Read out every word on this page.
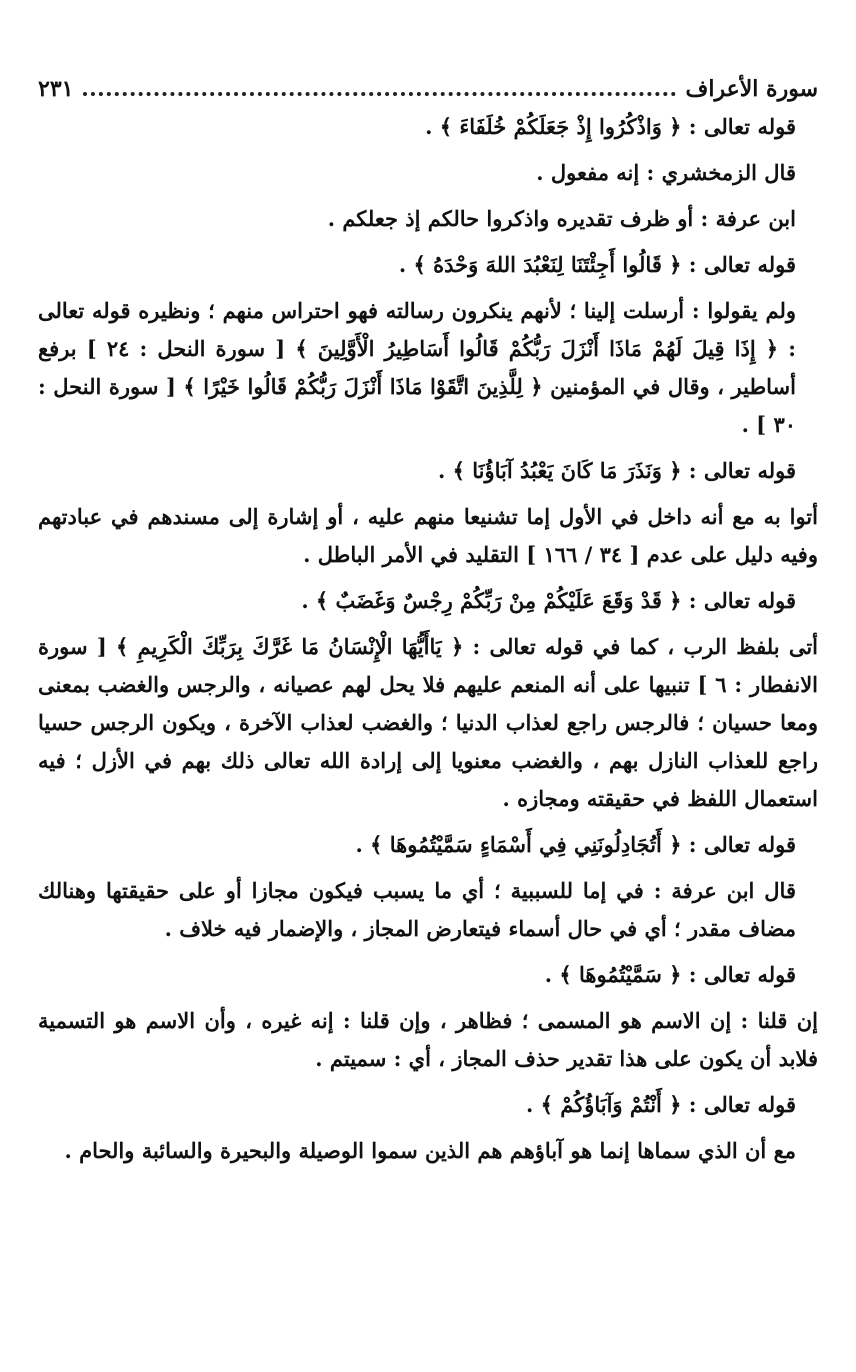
سورة الأعراف
٢٣١

قوله تعالى : ﴿ وَاذْكُرُوا إِذْ جَعَلَكُمْ خُلَفَاءَ ﴾ .

قال الزمخشري : إنه مفعول .

ابن عرفة : أو ظرف تقديره واذكروا حالكم إذ جعلكم .

قوله تعالى : ﴿ قَالُوا أَجِئْتَنَا لِنَعْبُدَ اللهَ وَحْدَهُ ﴾ .

ولم يقولوا : أرسلت إلينا ؛ لأنهم ينكرون رسالته فهو احتراس منهم ؛ ونظيره قوله تعالى : ﴿ إِذَا قِيلَ لَهُمْ مَاذَا أَنْزَلَ رَبُّكُمْ قَالُوا أَسَاطِيرُ الْأَوَّلِينَ ﴾ [ سورة النحل : ٢٤ ] برفع أساطير ، وقال في المؤمنين ﴿ لِلَّذِينَ اتَّقَوْا مَاذَا أَنْزَلَ رَبُّكُمْ قَالُوا خَيْرًا ﴾ [ سورة النحل : ٣٠ ] .

قوله تعالى : ﴿ وَنَذَرَ مَا كَانَ يَعْبُدُ آبَاؤُنَا ﴾ .

أتوا به مع أنه داخل في الأول إما تشنيعا منهم عليه ، أو إشارة إلى مسندهم في عبادتهم وفيه دليل على عدم [ ٣٤ / ١٦٦ ] التقليد في الأمر الباطل .

قوله تعالى : ﴿ قَدْ وَقَعَ عَلَيْكُمْ مِنْ رَبِّكُمْ رِجْسٌ وَغَضَبٌ ﴾ .

أتى بلفظ الرب ، كما في قوله تعالى : ﴿ يَاأَيُّهَا الْإِنْسَانُ مَا غَرَّكَ بِرَبِّكَ الْكَرِيمِ ﴾ [ سورة الانفطار : ٦ ] تنبيها على أنه المنعم عليهم فلا يحل لهم عصيانه ، والرجس والغضب بمعنى ومعا حسيان ؛ فالرجس راجع لعذاب الدنيا ؛ والغضب لعذاب الآخرة ، ويكون الرجس حسيا راجع للعذاب النازل بهم ، والغضب معنويا إلى إرادة الله تعالى ذلك بهم في الأزل ؛ فيه استعمال اللفظ في حقيقته ومجازه .

قوله تعالى : ﴿ أَتُجَادِلُونَنِي فِي أَسْمَاءٍ سَمَّيْتُمُوهَا ﴾ .

قال ابن عرفة : في إما للسببية ؛ أي ما يسبب فيكون مجازا أو على حقيقتها وهنالك مضاف مقدر ؛ أي في حال أسماء فيتعارض المجاز ، والإضمار فيه خلاف .

قوله تعالى : ﴿ سَمَّيْتُمُوهَا ﴾ .

إن قلنا : إن الاسم هو المسمى ؛ فظاهر ، وإن قلنا : إنه غيره ، وأن الاسم هو التسمية فلابد أن يكون على هذا تقدير حذف المجاز ، أي : سميتم .

قوله تعالى : ﴿ أَنْتُمْ وَآبَاؤُكُمْ ﴾ .

مع أن الذي سماها إنما هو آباؤهم هم الذين سموا الوصيلة والبحيرة والسائبة والحام .
